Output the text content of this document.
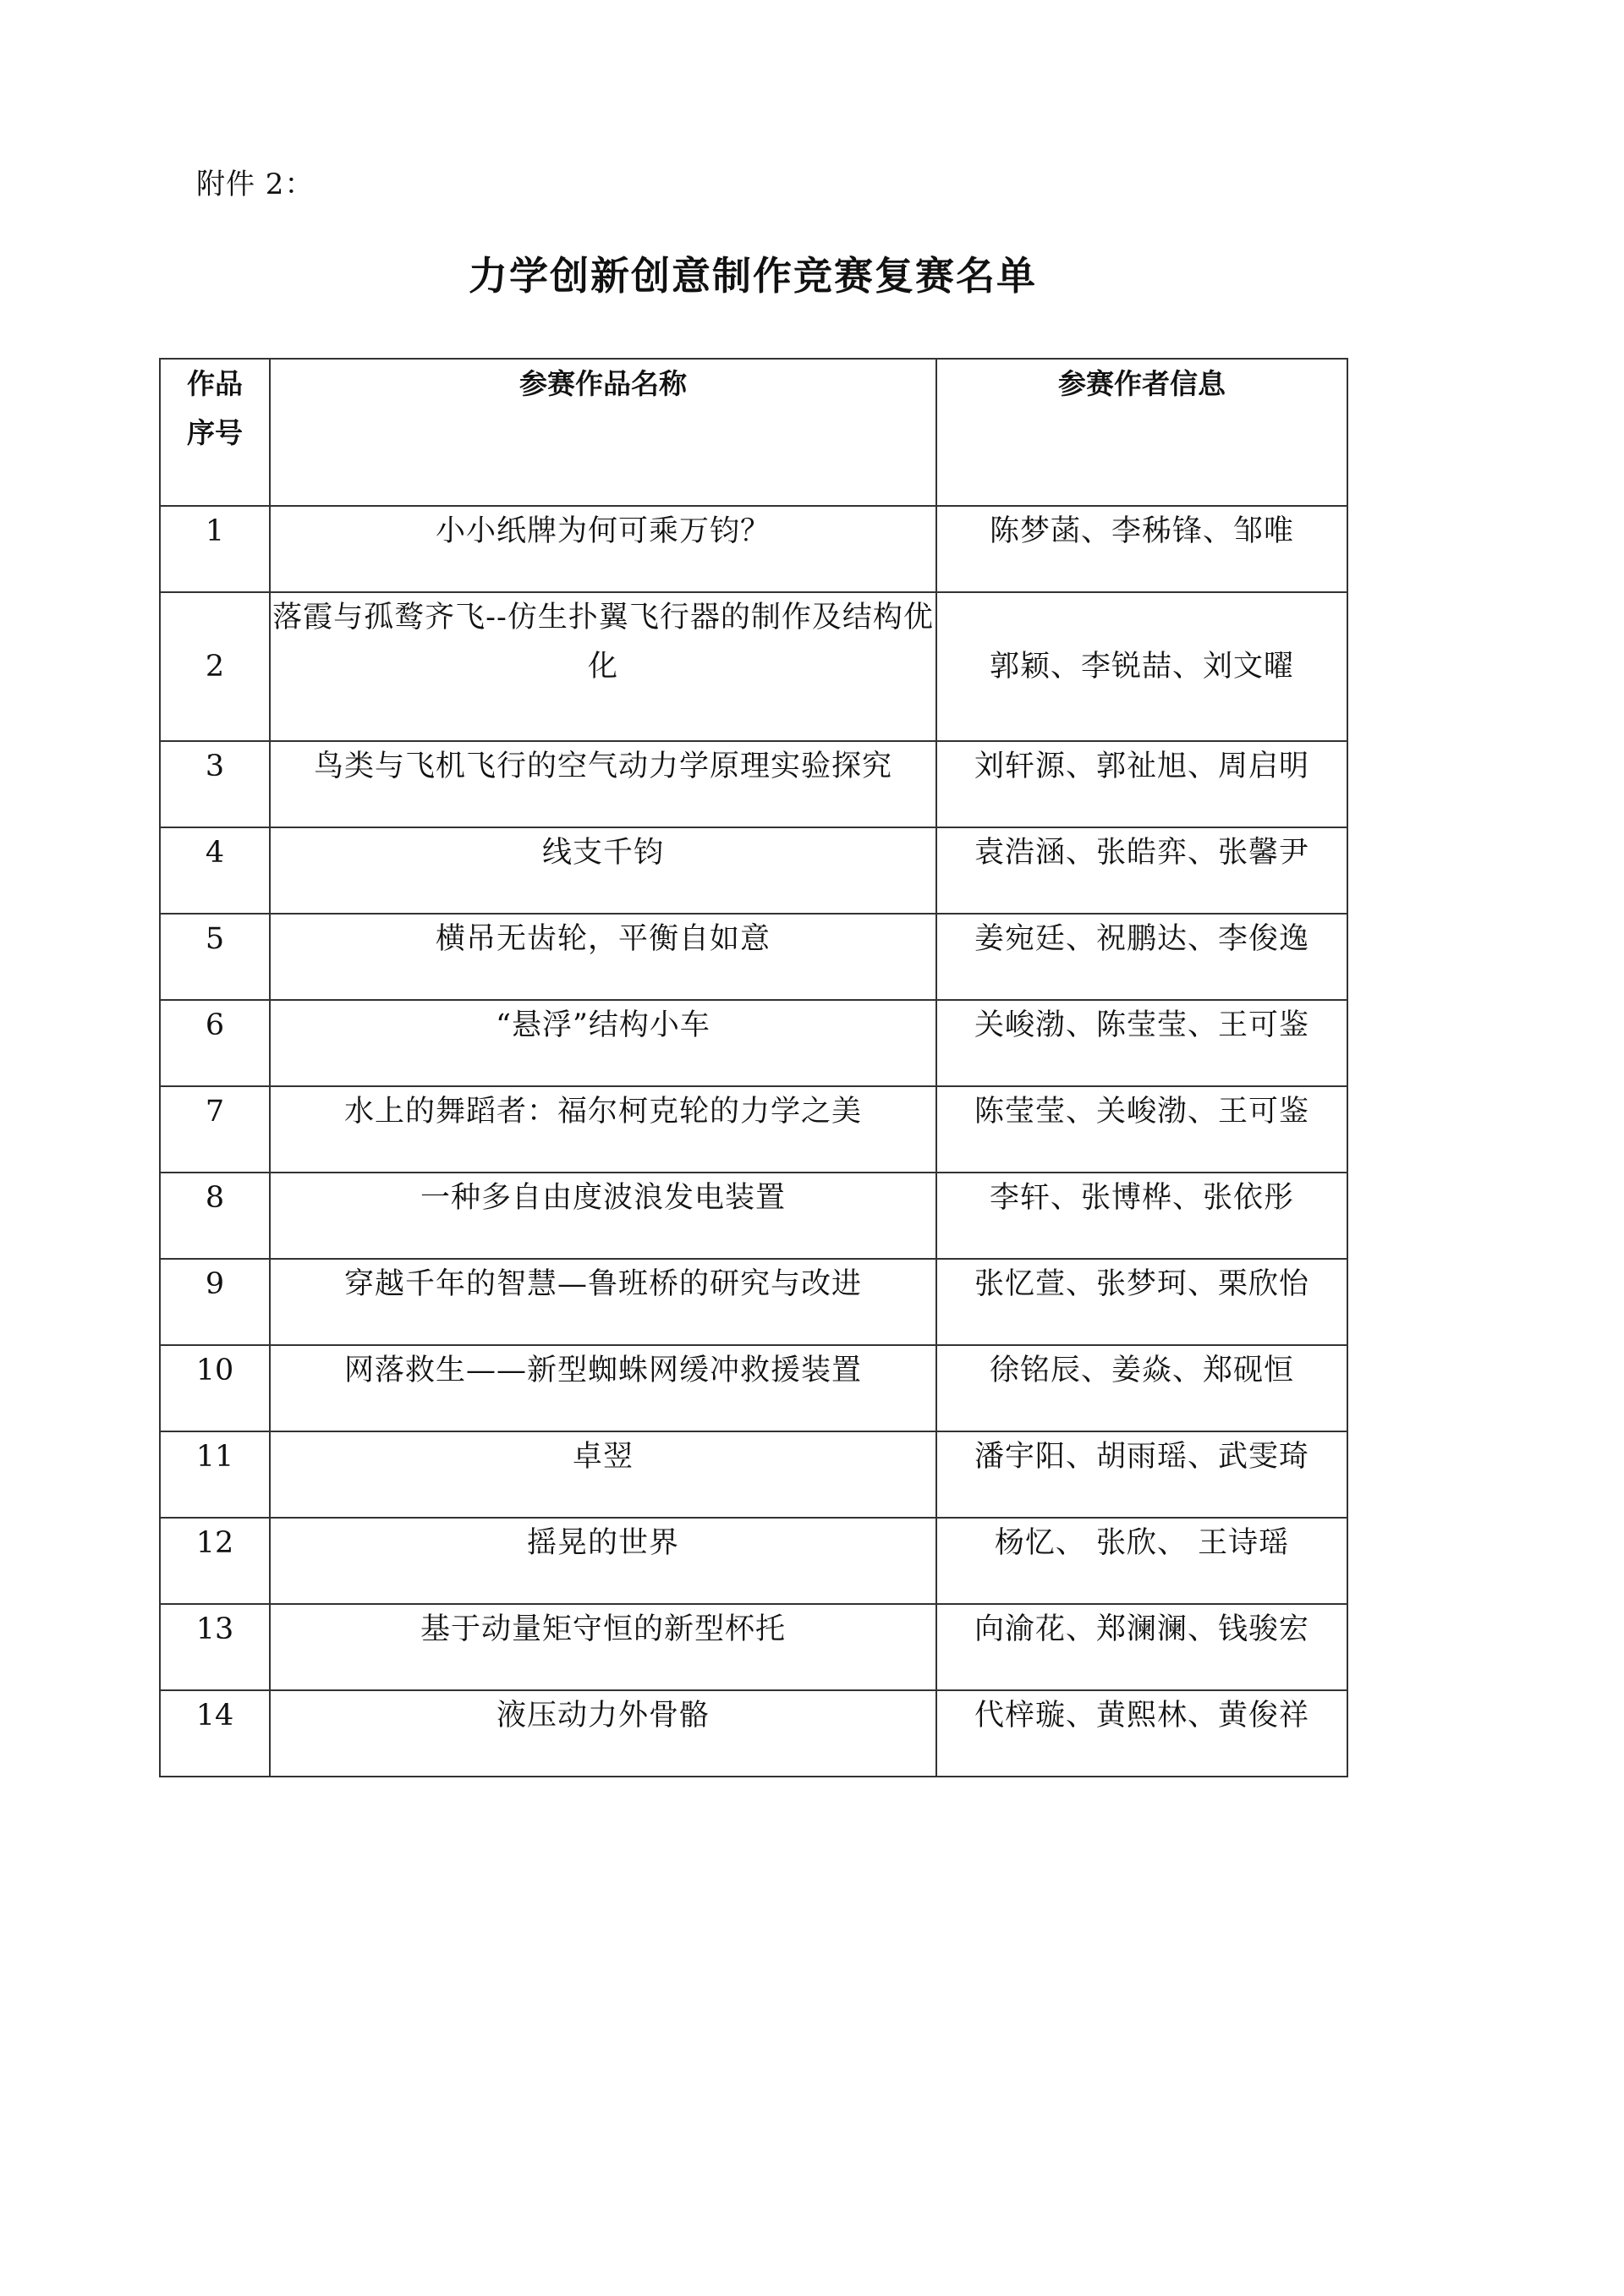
附件 2：
力学创新创意制作竞赛复赛名单
作品
序号	参赛作品名称	参赛作者信息
1	小小纸牌为何可乘万钧？	陈梦菡、李秭锋、邹唯
2	落霞与孤鹜齐飞--仿生扑翼飞行器的制作及结构优化	郭颖、李锐喆、刘文曜
3	鸟类与飞机飞行的空气动力学原理实验探究	刘轩源、郭祉旭、周启明
4	线支千钧	袁浩涵、张皓弈、张馨尹
5	横吊无齿轮，平衡自如意	姜宛廷、祝鹏达、李俊逸
6	“悬浮”结构小车	关峻渤、陈莹莹、王可鉴
7	水上的舞蹈者：福尔柯克轮的力学之美	陈莹莹、关峻渤、王可鉴
8	一种多自由度波浪发电装置	李轩、张博桦、张依彤
9	穿越千年的智慧—鲁班桥的研究与改进	张忆萱、张梦珂、栗欣怡
10	网落救生——新型蜘蛛网缓冲救援装置	徐铭辰、姜焱、郑砚恒
11	卓翌	潘宇阳、胡雨瑶、武雯琦
12	摇晃的世界	杨忆、 张欣、 王诗瑶
13	基于动量矩守恒的新型杯托	向渝花、郑澜澜、钱骏宏
14	液压动力外骨骼	代梓璇、黄熙林、黄俊祥
